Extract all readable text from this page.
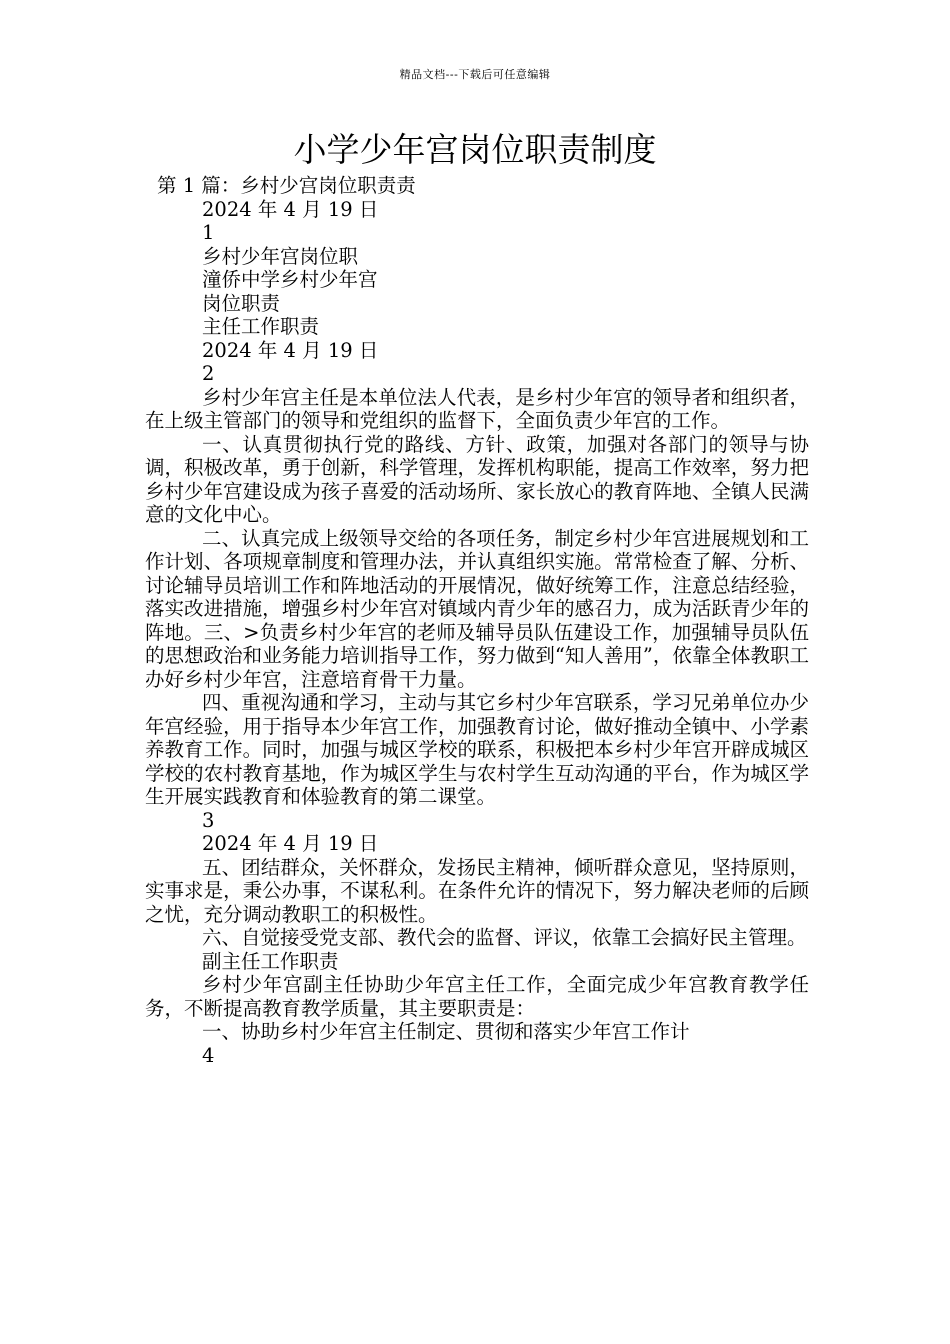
精品文档---下载后可任意编辑
小学少年宫岗位职责制度
第 1 篇：乡村少宫岗位职责责
2024 年 4 月 19 日
1
乡村少年宫岗位职
潼侨中学乡村少年宫
岗位职责
主任工作职责
2024 年 4 月 19 日
2

乡村少年宫主任是本单位法人代表，是乡村少年宫的领导者和组织者，在上级主管部门的领导和党组织的监督下，全面负责少年宫的工作。

一、认真贯彻执行党的路线、方针、政策，加强对各部门的领导与协调，积极改革，勇于创新，科学管理，发挥机构职能，提高工作效率，努力把乡村少年宫建设成为孩子喜爱的活动场所、家长放心的教育阵地、全镇人民满意的文化中心。

二、认真完成上级领导交给的各项任务，制定乡村少年宫进展规划和工作计划、各项规章制度和管理办法，并认真组织实施。常常检查了解、分析、讨论辅导员培训工作和阵地活动的开展情况，做好统筹工作，注意总结经验，落实改进措施，增强乡村少年宫对镇域内青少年的感召力，成为活跃青少年的阵地。三、>负责乡村少年宫的老师及辅导员队伍建设工作，加强辅导员队伍的思想政治和业务能力培训指导工作，努力做到“知人善用”，依靠全体教职工办好乡村少年宫，注意培育骨干力量。

四、重视沟通和学习，主动与其它乡村少年宫联系，学习兄弟单位办少年宫经验，用于指导本少年宫工作，加强教育讨论，做好推动全镇中、小学素养教育工作。同时，加强与城区学校的联系，积极把本乡村少年宫开辟成城区学校的农村教育基地，作为城区学生与农村学生互动沟通的平台，作为城区学生开展实践教育和体验教育的第二课堂。

3
2024 年 4 月 19 日

五、团结群众，关怀群众，发扬民主精神，倾听群众意见，坚持原则，实事求是，秉公办事，不谋私利。在条件允许的情况下，努力解决老师的后顾之忧，充分调动教职工的积极性。

六、自觉接受党支部、教代会的监督、评议，依靠工会搞好民主管理。

副主任工作职责

乡村少年宫副主任协助少年宫主任工作，全面完成少年宫教育教学任务，不断提高教育教学质量，其主要职责是：

一、协助乡村少年宫主任制定、贯彻和落实少年宫工作计
4
